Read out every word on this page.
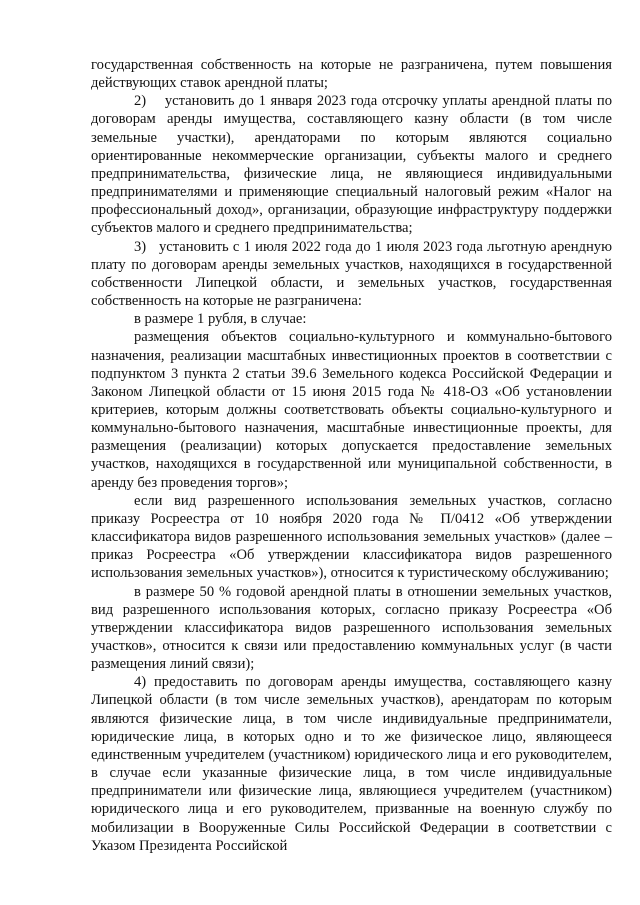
государственная собственность на которые не разграничена, путем повышения действующих ставок арендной платы;

2)    установить до 1 января 2023 года отсрочку уплаты арендной платы по договорам аренды имущества, составляющего казну области (в том числе земельные участки), арендаторами по которым являются социально ориентированные некоммерческие организации, субъекты малого и среднего предпринимательства, физические лица, не являющиеся индивидуальными предпринимателями и применяющие специальный налоговый режим «Налог на профессиональный доход», организации, образующие инфраструктуру поддержки субъектов малого и среднего предпринимательства;

3)   установить с 1 июля 2022 года до 1 июля 2023 года льготную арендную плату по договорам аренды земельных участков, находящихся в государственной собственности Липецкой области, и земельных участков, государственная собственность на которые не разграничена:

в размере 1 рубля, в случае:

размещения объектов социально-культурного и коммунально-бытового назначения, реализации масштабных инвестиционных проектов в соответствии с подпунктом 3 пункта 2 статьи 39.6 Земельного кодекса Российской Федерации и Законом Липецкой области от 15 июня 2015 года № 418-ОЗ «Об установлении критериев, которым должны соответствовать объекты социально-культурного и коммунально-бытового назначения, масштабные инвестиционные проекты, для размещения (реализации) которых допускается предоставление земельных участков, находящихся в государственной или муниципальной собственности, в аренду без проведения торгов»;

если вид разрешенного использования земельных участков, согласно приказу Росреестра от 10 ноября 2020 года № П/0412 «Об утверждении классификатора видов разрешенного использования земельных участков» (далее – приказ Росреестра «Об утверждении классификатора видов разрешенного использования земельных участков»), относится к туристическому обслуживанию;

в размере 50 % годовой арендной платы в отношении земельных участков, вид разрешенного использования которых, согласно приказу Росреестра «Об утверждении классификатора видов разрешенного использования земельных участков», относится к связи или предоставлению коммунальных услуг (в части размещения линий связи);

4) предоставить по договорам аренды имущества, составляющего казну Липецкой области (в том числе земельных участков), арендаторам по которым являются физические лица, в том числе индивидуальные предприниматели, юридические лица, в которых одно и то же физическое лицо, являющееся единственным учредителем (участником) юридического лица и его руководителем, в случае если указанные физические лица, в том числе индивидуальные предприниматели или физические лица, являющиеся учредителем (участником) юридического лица и его руководителем, призванные на военную службу по мобилизации в Вооруженные Силы Российской Федерации в соответствии с Указом Президента Российской
